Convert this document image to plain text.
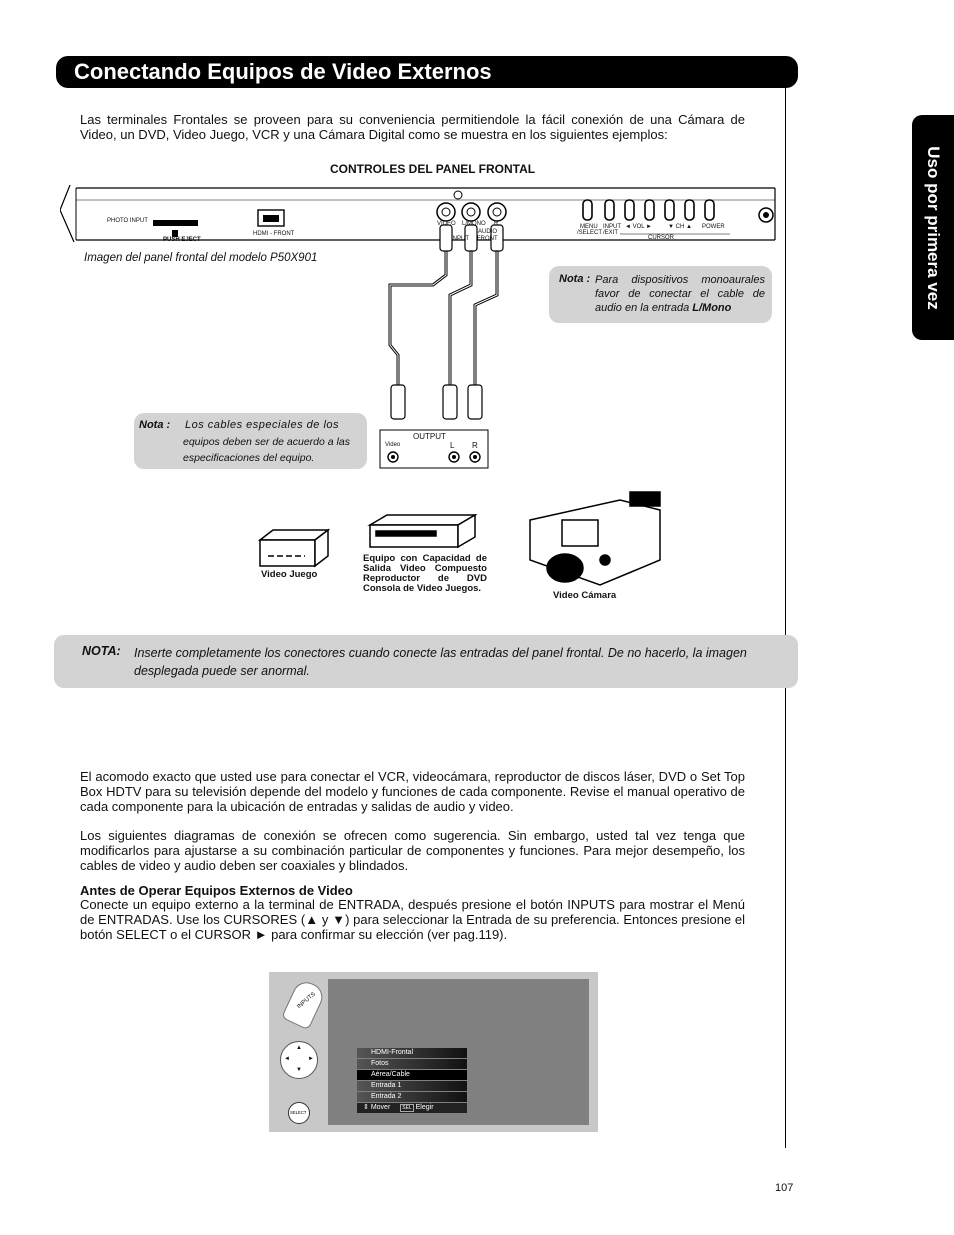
Conectando Equipos de Video Externos
Uso por primera vez
Las terminales Frontales se proveen para su conveniencia permitiendole la fácil conexión de una Cámara de Video, un DVD, Video Juego, VCR y una Cámara Digital como se muestra en los siguientes ejemplos:
CONTROLES DEL PANEL FRONTAL
PHOTO INPUT
PUSH EJECT
HDMI - FRONT
VIDEO L/MONO R
INPUT
AUDIO
FRONT
MENU
/SELECT
INPUT
/EXIT
◄ VOL ►	▼ CH ▲ POWER
CURSOR
Imagen del panel frontal del modelo P50X901
Nota : Para dispositivos monoaurales favor de conectar el cable de audio en la entrada L/Mono
Nota : Los cables especiales de los
equipos deben ser de acuerdo a las especificaciones del equipo.
OUTPUT
Video	L R
Video Juego
Equipo con Capacidad de Salida Video Compuesto Reproductor de DVD Consola de Video Juegos.
Video Cámara
NOTA: Inserte completamente los conectores cuando conecte las entradas del panel frontal. De no hacerlo, la imagen desplegada puede ser anormal.
El acomodo exacto que usted use para conectar el VCR, videocámara, reproductor de discos láser, DVD o Set Top Box HDTV para su televisión depende del modelo y funciones de cada componente. Revise el manual operativo de cada componente para la ubicación de entradas y salidas de audio y video.
Los siguientes diagramas de conexión se ofrecen como sugerencia. Sin embargo, usted tal vez tenga que modificarlos para ajustarse a su combinación particular de componentes y funciones. Para mejor desempeño, los cables de video y audio deben ser coaxiales y blindados.
Antes de Operar Equipos Externos de Video
Conecte un equipo externo a la terminal de ENTRADA, después presione el botón INPUTS para mostrar el Menú de ENTRADAS. Use los CURSORES (▲ y ▼) para seleccionar la Entrada de su preferencia. Entonces presione el botón SELECT o el CURSOR ► para confirmar su elección (ver pag.119).
INPUTS
▲
▼
◄	►
SELECT
HDMI-Frontal
Fotos
Aérea/Cable
Entrada 1
Entrada 2
⇕ Mover SEL Elegir
107
